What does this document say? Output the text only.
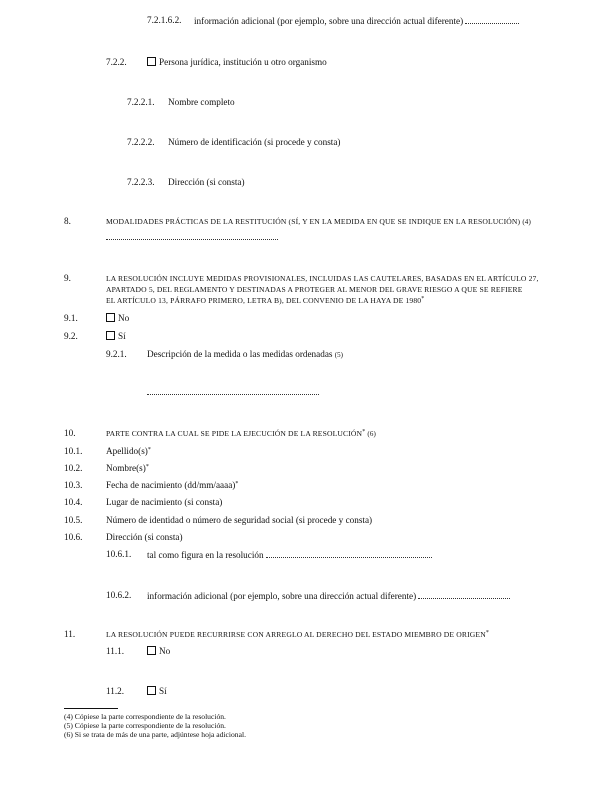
7.2.1.6.2. información adicional (por ejemplo, sobre una dirección actual diferente)
7.2.2.	Persona jurídica, institución u otro organismo
7.2.2.1. Nombre completo
7.2.2.2. Número de identificación (si procede y consta)
7.2.2.3. Dirección (si consta)
8.	MODALIDADES PRÁCTICAS DE LA RESTITUCIÓN (SÍ, Y EN LA MEDIDA EN QUE SE INDIQUE EN LA RESOLUCIÓN) (4)
9.	LA RESOLUCIÓN INCLUYE MEDIDAS PROVISIONALES, INCLUIDAS LAS CAUTELARES, BASADAS EN EL ARTÍCULO 27,
APARTADO 5, DEL REGLAMENTO Y DESTINADAS A PROTEGER AL MENOR DEL GRAVE RIESGO A QUE SE REFIERE
EL ARTÍCULO 13, PÁRRAFO PRIMERO, LETRA B), DEL CONVENIO DE LA HAYA DE 1980*
9.1.	No
9.2.	Sí
9.2.1. Descripción de la medida o las medidas ordenadas (5)
10.	PARTE CONTRA LA CUAL SE PIDE LA EJECUCIÓN DE LA RESOLUCIÓN* (6)
10.1.	Apellido(s)*
10.2.	Nombre(s)*
10.3.	Fecha de nacimiento (dd/mm/aaaa)*
10.4.	Lugar de nacimiento (si consta)
10.5.	Número de identidad o número de seguridad social (si procede y consta)
10.6.	Dirección (si consta)
10.6.1. tal como figura en la resolución
10.6.2. información adicional (por ejemplo, sobre una dirección actual diferente)
11.	LA RESOLUCIÓN PUEDE RECURRIRSE CON ARREGLO AL DERECHO DEL ESTADO MIEMBRO DE ORIGEN*
11.1.	No
11.2.	Sí
(4) Cópiese la parte correspondiente de la resolución.
(5) Cópiese la parte correspondiente de la resolución.
(6) Si se trata de más de una parte, adjúntese hoja adicional.
